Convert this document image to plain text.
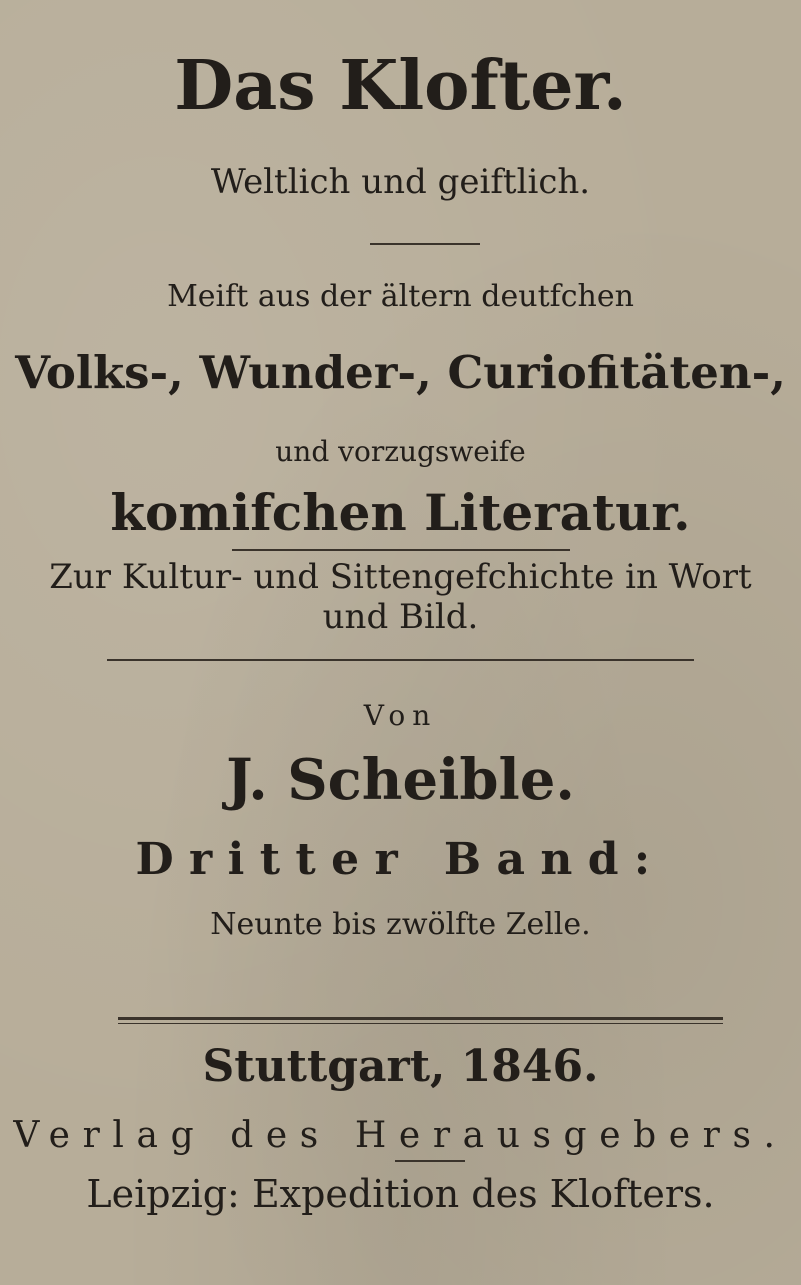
Das Klofter.
Weltlich und geiftlich.
Meift aus der ältern deutfchen
Volks-, Wunder-, Curiofitäten-,
und vorzugsweife
komifchen Literatur.
Zur Kultur- und Sittengefchichte in Wort
und Bild.
Von
J. Scheible.
Dritter Band:
Neunte bis zwölfte Zelle.
Stuttgart, 1846.
Verlag des Herausgebers.
Leipzig: Expedition des Klofters.
